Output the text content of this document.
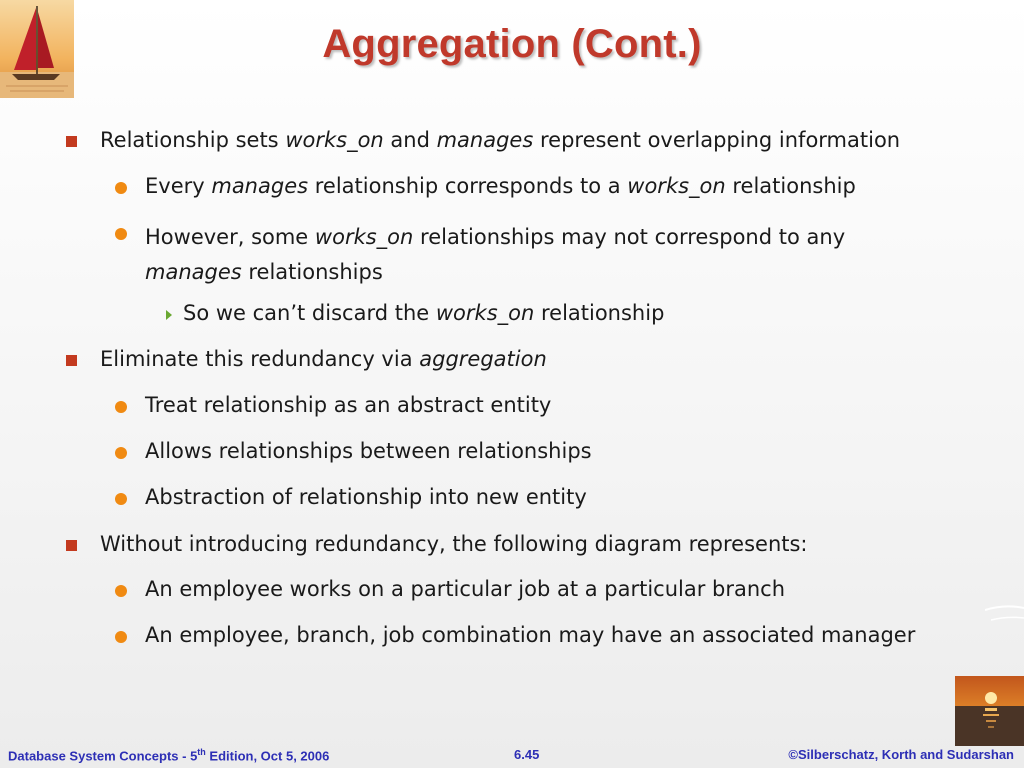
Aggregation (Cont.)
Relationship sets works_on and manages represent overlapping information
Every manages relationship corresponds to a works_on relationship
However, some works_on relationships may not correspond to any manages relationships
So we can’t discard the works_on relationship
Eliminate this redundancy via aggregation
Treat relationship as an abstract entity
Allows relationships between relationships
Abstraction of relationship into new entity
Without introducing redundancy, the following diagram represents:
An employee works on a particular job at a particular branch
An employee, branch, job combination may have an associated manager
Database System Concepts - 5th Edition, Oct 5, 2006	6.45	©Silberschatz, Korth and Sudarshan
